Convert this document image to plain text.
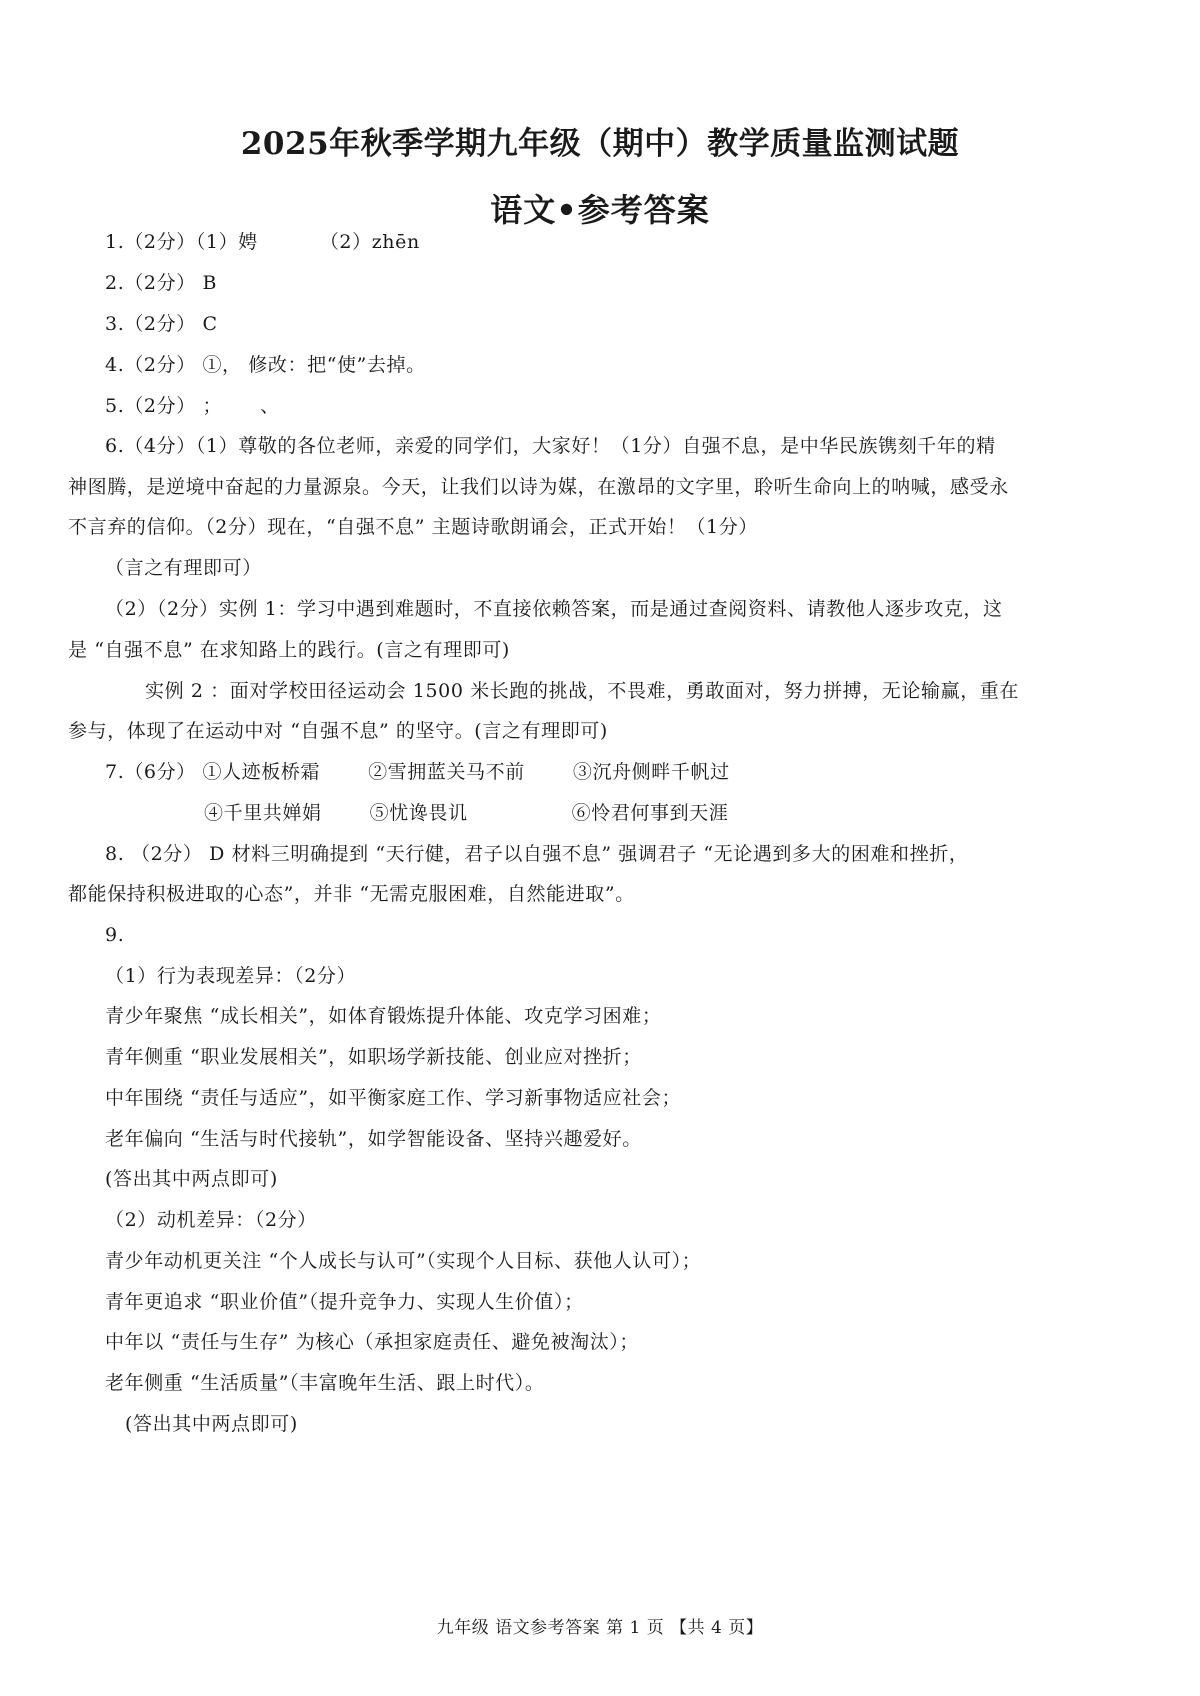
2025年秋季学期九年级（期中）教学质量监测试题
语文•参考答案
1.（2分）（1）娉	（2）zhēn
2.（2分） B
3.（2分） C
4.（2分） ①， 修改：把“使”去掉。
5.（2分） ； 、
6.（4分）（1）尊敬的各位老师，亲爱的同学们，大家好！（1分）自强不息，是中华民族镌刻千年的精
神图腾，是逆境中奋起的力量源泉。今天，让我们以诗为媒，在激昂的文字里，聆听生命向上的呐喊，感受永
不言弃的信仰。（2分）现在，“自强不息” 主题诗歌朗诵会，正式开始！（1分）
（言之有理即可）
（2）（2分）实例 1：学习中遇到难题时，不直接依赖答案，而是通过查阅资料、请教他人逐步攻克，这
是 “自强不息” 在求知路上的践行。(言之有理即可)
实例 2 ：面对学校田径运动会 1500 米长跑的挑战，不畏难，勇敢面对，努力拼搏，无论输赢，重在
参与，体现了在运动中对 “自强不息” 的坚守。(言之有理即可)
7.（6分） ①人迹板桥霜	②雪拥蓝关马不前	③沉舟侧畔千帆过
④千里共婵娟	⑤忧谗畏讥	⑥怜君何事到天涯
8. （2分） D 材料三明确提到 “天行健，君子以自强不息” 强调君子 “无论遇到多大的困难和挫折，
都能保持积极进取的心态”，并非 “无需克服困难，自然能进取”。
9.
（1）行为表现差异：（2分）
青少年聚焦 “成长相关”，如体育锻炼提升体能、攻克学习困难；
青年侧重 “职业发展相关”，如职场学新技能、创业应对挫折；
中年围绕 “责任与适应”，如平衡家庭工作、学习新事物适应社会；
老年偏向 “生活与时代接轨”，如学智能设备、坚持兴趣爱好。
(答出其中两点即可)
（2）动机差异：（2分）
青少年动机更关注 “个人成长与认可”（实现个人目标、获他人认可）；
青年更追求 “职业价值”（提升竞争力、实现人生价值）；
中年以 “责任与生存” 为核心（承担家庭责任、避免被淘汰）；
老年侧重 “生活质量”（丰富晚年生活、跟上时代）。
(答出其中两点即可)
九年级 语文参考答案 第 1 页 【共 4 页】
